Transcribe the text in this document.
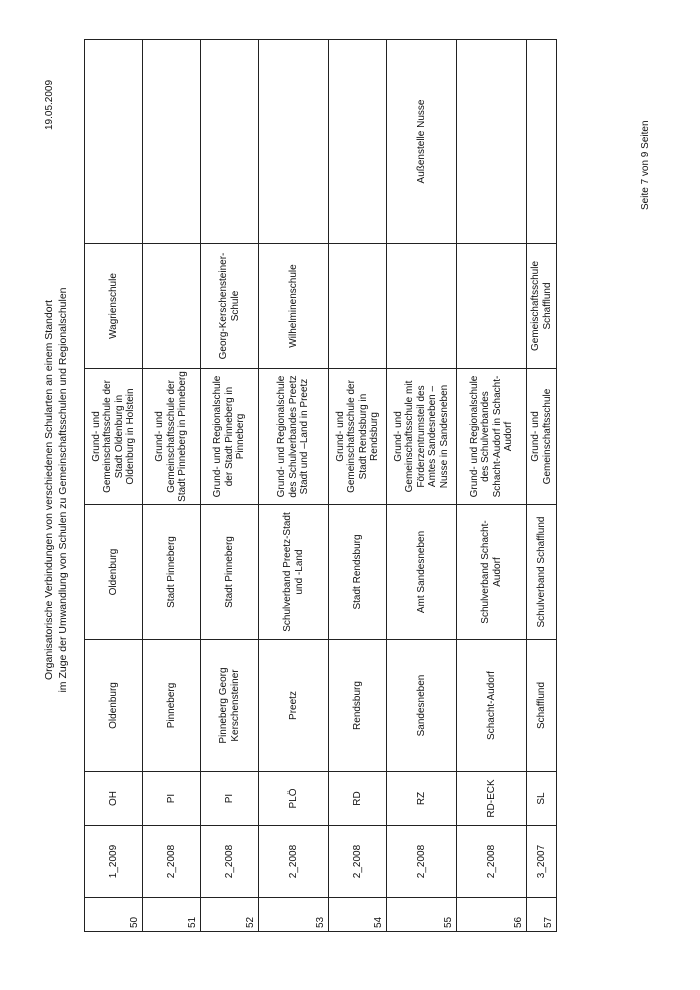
19.05.2009
Organisatorische Verbindungen von verschiedenen Schularten an einem Standort im Zuge der Umwandlung von Schulen zu Gemeinschaftsschulen und Regionalschulen
50	1_2009	OH	Oldenburg	Oldenburg	Grund- und Gemeinschaftsschule der Stadt Oldenburg in Oldenburg in Holstein	Wagrienschule	
51	2_2008	PI	Pinneberg	Stadt Pinneberg	Grund- und Gemeinschaftsschule der Stadt Pinneberg in Pinneberg		
52	2_2008	PI	Pinneberg Georg Kerschensteiner	Stadt Pinneberg	Grund- und Regionalschule der Stadt Pinneberg in Pinneberg	Georg-Kerschensteiner-Schule	
53	2_2008	PLÖ	Preetz	Schulverband Preetz-Stadt und -Land	Grund- und Regionalschule des Schulverbandes Preetz Stadt und –Land in Preetz	Wilhelminenschule	
54	2_2008	RD	Rendsburg	Stadt Rendsburg	Grund- und Gemeinschaftsschule der Stadt Rendsburg in Rendsburg		
55	2_2008	RZ	Sandesneben	Amt Sandesneben	Grund- und Gemeinschaftsschule mit Förderzentrumsteil des Amtes Sandesneben – Nusse in Sandesneben		Außenstelle Nusse
56	2_2008	RD-ECK	Schacht-Audorf	Schulverband Schacht-Audorf	Grund- und Regionalschule des Schulverbandes Schacht-Audorf in Schacht-Audorf		
57	3_2007	SL	Schafflund	Schulverband Schafflund	Grund- und Gemeinschaftsschule	Gemeischaftsschule Schafflund	
Seite 7 von 9 Seiten
